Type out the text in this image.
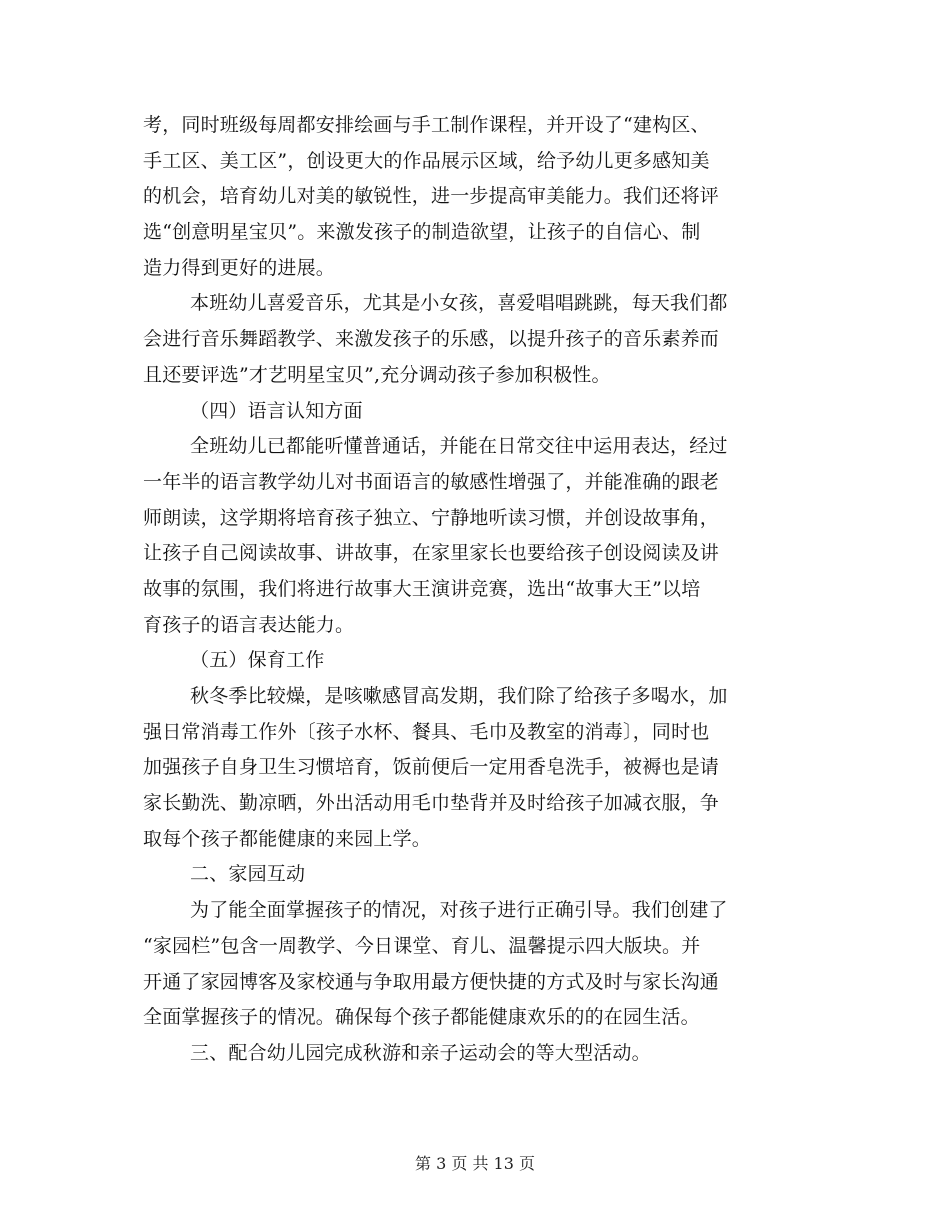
考，同时班级每周都安排绘画与手工制作课程，并开设了“建构区、
手工区、美工区”，创设更大的作品展示区域，给予幼儿更多感知美
的机会，培育幼儿对美的敏锐性，进一步提高审美能力。我们还将评
选“创意明星宝贝”。来激发孩子的制造欲望，让孩子的自信心、制
造力得到更好的进展。
本班幼儿喜爱音乐，尤其是小女孩，喜爱唱唱跳跳，每天我们都
会进行音乐舞蹈教学、来激发孩子的乐感，以提升孩子的音乐素养而
且还要评选”才艺明星宝贝”,充分调动孩子参加积极性。
（四）语言认知方面
全班幼儿已都能听懂普通话，并能在日常交往中运用表达，经过
一年半的语言教学幼儿对书面语言的敏感性增强了，并能准确的跟老
师朗读，这学期将培育孩子独立、宁静地听读习惯，并创设故事角，
让孩子自己阅读故事、讲故事，在家里家长也要给孩子创设阅读及讲
故事的氛围，我们将进行故事大王演讲竞赛，选出“故事大王”以培
育孩子的语言表达能力。
（五）保育工作
秋冬季比较燥，是咳嗽感冒高发期，我们除了给孩子多喝水，加
强日常消毒工作外〔孩子水杯、餐具、毛巾及教室的消毒〕，同时也
加强孩子自身卫生习惯培育，饭前便后一定用香皂洗手，被褥也是请
家长勤洗、勤凉晒，外出活动用毛巾垫背并及时给孩子加减衣服，争
取每个孩子都能健康的来园上学。
二、家园互动
为了能全面掌握孩子的情况，对孩子进行正确引导。我们创建了
“家园栏”包含一周教学、今日课堂、育儿、温馨提示四大版块。并
开通了家园博客及家校通与争取用最方便快捷的方式及时与家长沟通
全面掌握孩子的情况。确保每个孩子都能健康欢乐的的在园生活。
三、配合幼儿园完成秋游和亲子运动会的等大型活动。
第 3 页 共 13 页
